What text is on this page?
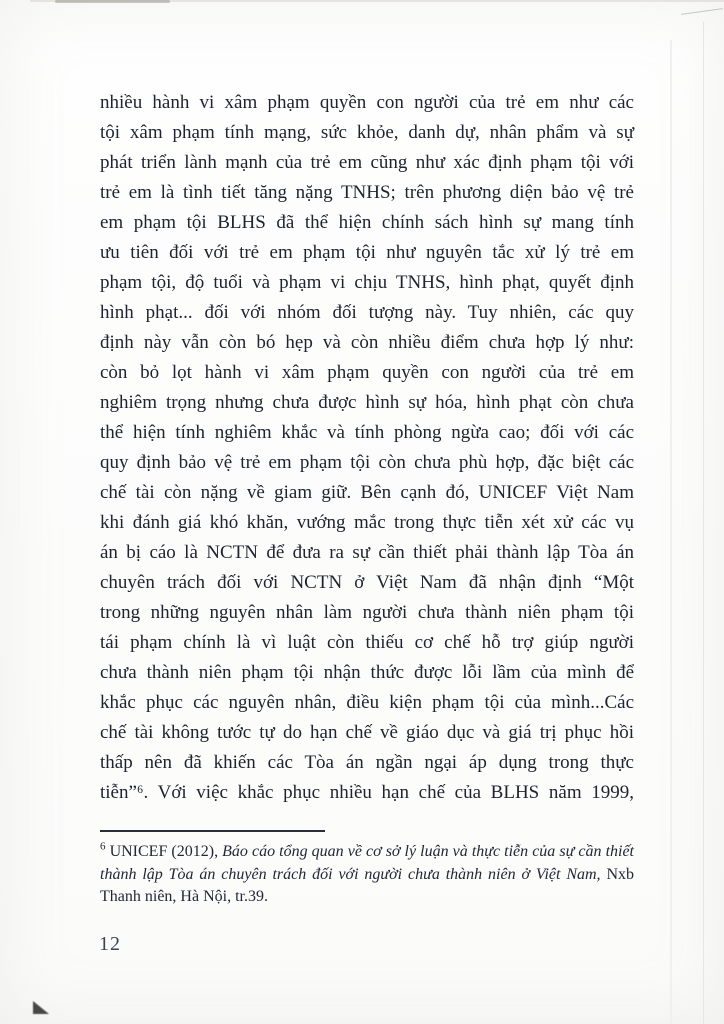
nhiều hành vi xâm phạm quyền con người của trẻ em như các
tội xâm phạm tính mạng, sức khỏe, danh dự, nhân phẩm và sự
phát triển lành mạnh của trẻ em cũng như xác định phạm tội với
trẻ em là tình tiết tăng nặng TNHS; trên phương diện bảo vệ trẻ
em phạm tội BLHS đã thể hiện chính sách hình sự mang tính
ưu tiên đối với trẻ em phạm tội như nguyên tắc xử lý trẻ em
phạm tội, độ tuổi và phạm vi chịu TNHS, hình phạt, quyết định
hình phạt... đối với nhóm đối tượng này. Tuy nhiên, các quy
định này vẫn còn bó hẹp và còn nhiều điểm chưa hợp lý như:
còn bỏ lọt hành vi xâm phạm quyền con người của trẻ em
nghiêm trọng nhưng chưa được hình sự hóa, hình phạt còn chưa
thể hiện tính nghiêm khắc và tính phòng ngừa cao; đối với các
quy định bảo vệ trẻ em phạm tội còn chưa phù hợp, đặc biệt các
chế tài còn nặng về giam giữ. Bên cạnh đó, UNICEF Việt Nam
khi đánh giá khó khăn, vướng mắc trong thực tiễn xét xử các vụ
án bị cáo là NCTN để đưa ra sự cần thiết phải thành lập Tòa án
chuyên trách đối với NCTN ở Việt Nam đã nhận định “Một
trong những nguyên nhân làm người chưa thành niên phạm tội
tái phạm chính là vì luật còn thiếu cơ chế hỗ trợ giúp người
chưa thành niên phạm tội nhận thức được lỗi lầm của mình để
khắc phục các nguyên nhân, điều kiện phạm tội của mình...Các
chế tài không tước tự do hạn chế về giáo dục và giá trị phục hồi
thấp nên đã khiến các Tòa án ngần ngại áp dụng trong thực
tiễn”⁶. Với việc khắc phục nhiều hạn chế của BLHS năm 1999,

$^6$ UNICEF (2012), Báo cáo tổng quan về cơ sở lý luận và thực tiễn của sự cần thiết thành lập Tòa án chuyên trách đối với người chưa thành niên ở Việt Nam, Nxb Thanh niên, Hà Nội, tr.39.

12
